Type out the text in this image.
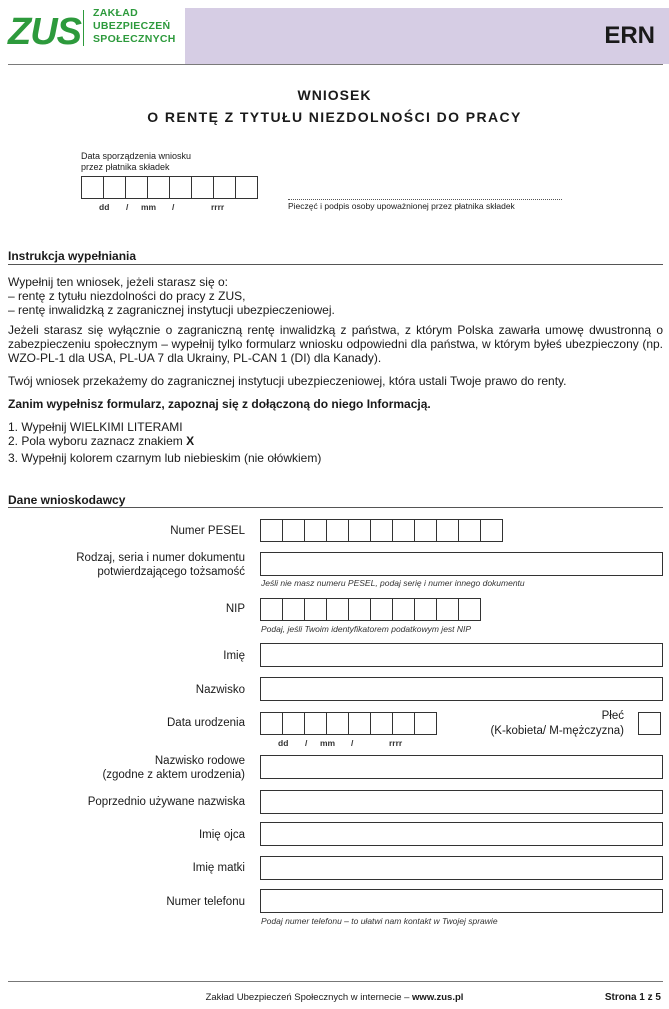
ZUS ZAKŁAD
UBEZPIECZEŃ
SPOŁECZNYCH	ERN
WNIOSEK
O RENTĘ Z TYTUŁU NIEZDOLNOŚCI DO PRACY
Data sporządzenia wniosku
przez płatnika składek
dd / mm /	rrrr	Pieczęć i podpis osoby upoważnionej przez płatnika składek
Instrukcja wypełniania
Wypełnij ten wniosek, jeżeli starasz się o:
– rentę z tytułu niezdolności do pracy z ZUS,
– rentę inwalidzką z zagranicznej instytucji ubezpieczeniowej.
Jeżeli starasz się wyłącznie o zagraniczną rentę inwalidzką z państwa, z którym Polska zawarła umowę dwustronną o zabezpieczeniu społecznym – wypełnij tylko formularz wniosku odpowiedni dla państwa, w którym byłeś ubezpieczony (np. WZO-PL-1 dla USA, PL-UA 7 dla Ukrainy, PL-CAN 1 (DI) dla Kanady).
Twój wniosek przekażemy do zagranicznej instytucji ubezpieczeniowej, która ustali Twoje prawo do renty.
Zanim wypełnisz formularz, zapoznaj się z dołączoną do niego Informacją.
1. Wypełnij WIELKIMI LITERAMI
2. Pola wyboru zaznacz znakiem X
3. Wypełnij kolorem czarnym lub niebieskim (nie ołówkiem)
Dane wnioskodawcy
Numer PESEL
Rodzaj, seria i numer dokumentu
potwierdzającego tożsamość
Jeśli nie masz numeru PESEL, podaj serię i numer innego dokumentu
NIP
Podaj, jeśli Twoim identyfikatorem podatkowym jest NIP
Imię
Nazwisko
Data urodzenia
dd / mm /	rrrr
Płeć
(K-kobieta/ M-mężczyzna)
Nazwisko rodowe
(zgodne z aktem urodzenia)
Poprzednio używane nazwiska
Imię ojca
Imię matki
Numer telefonu
Podaj numer telefonu – to ułatwi nam kontakt w Twojej sprawie
Zakład Ubezpieczeń Społecznych w internecie – www.zus.pl	Strona 1 z 5
